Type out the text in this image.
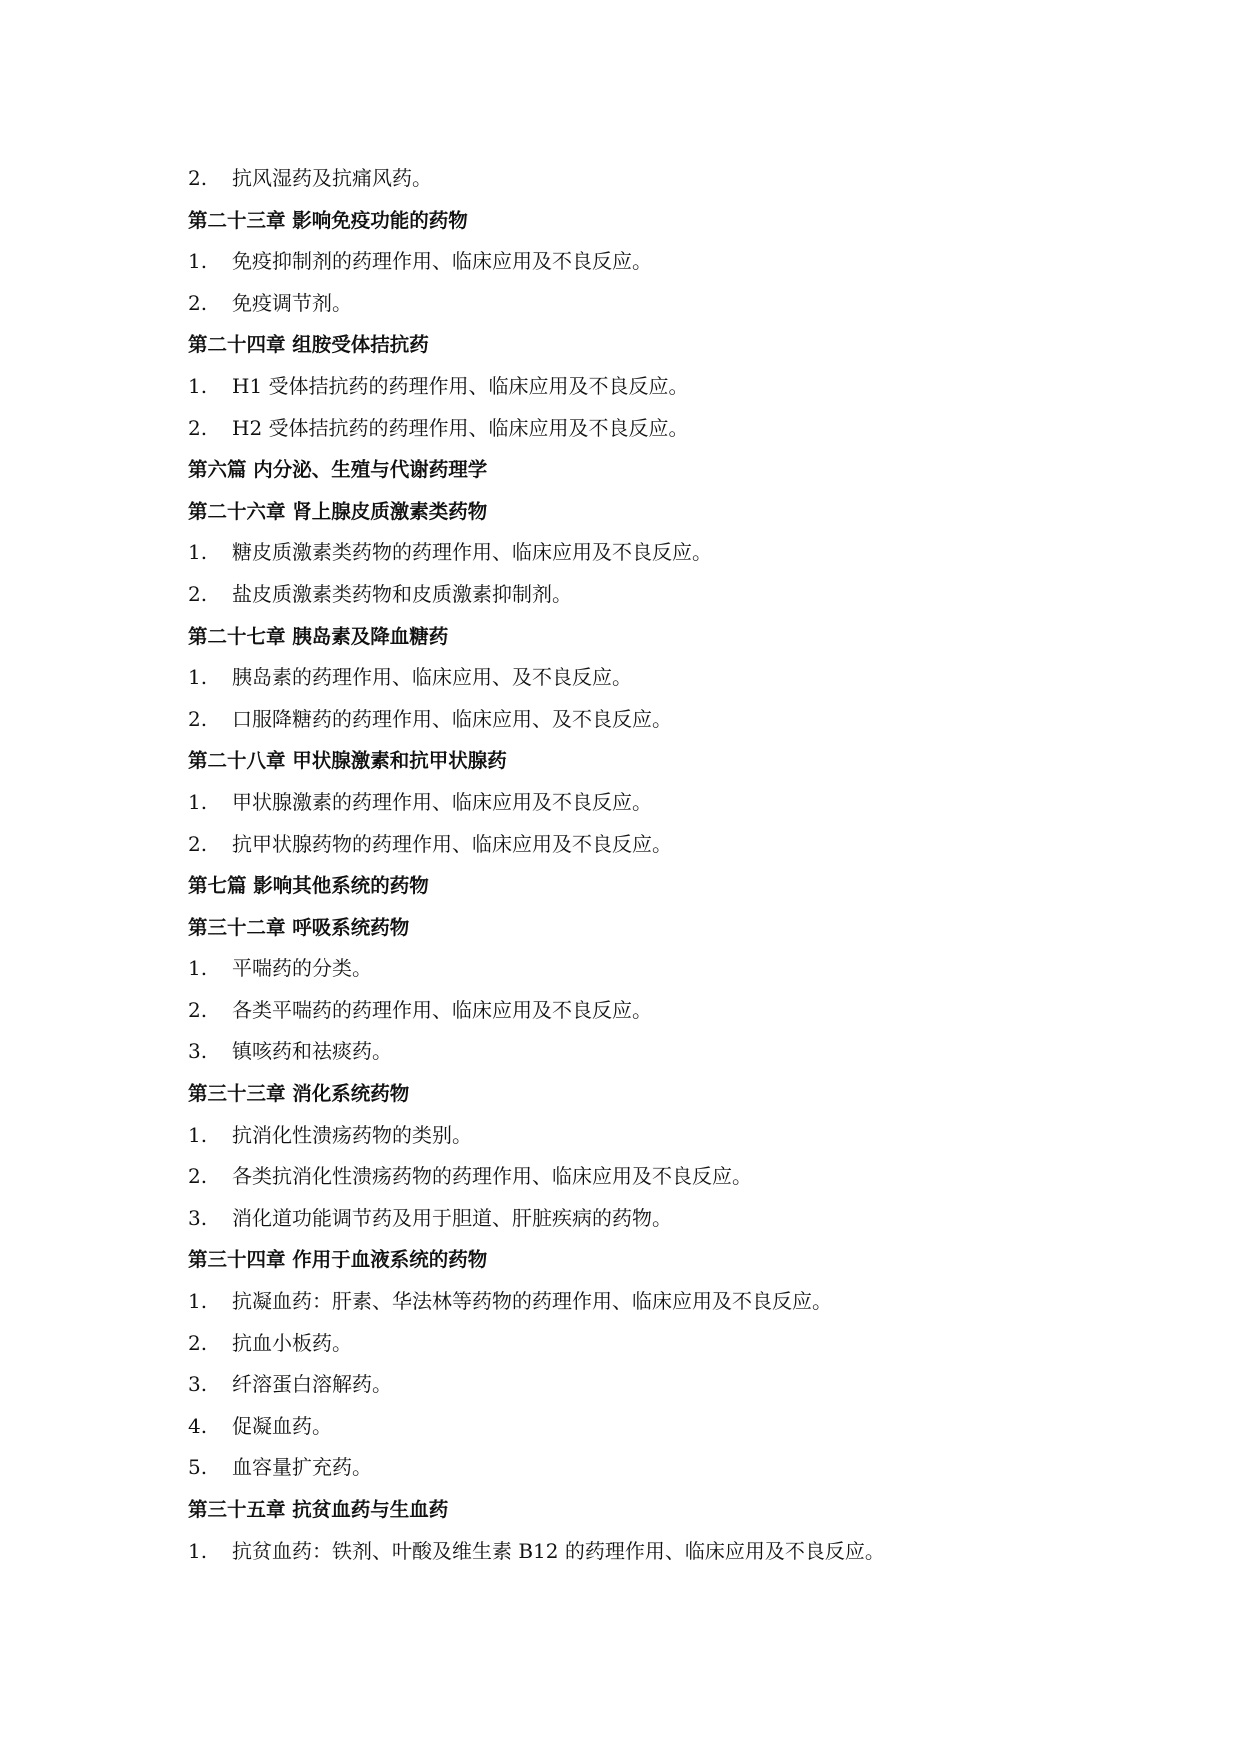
2. 抗风湿药及抗痛风药。
第二十三章 影响免疫功能的药物
1. 免疫抑制剂的药理作用、临床应用及不良反应。
2. 免疫调节剂。
第二十四章 组胺受体拮抗药
1. H1 受体拮抗药的药理作用、临床应用及不良反应。
2. H2 受体拮抗药的药理作用、临床应用及不良反应。
第六篇 内分泌、生殖与代谢药理学
第二十六章 肾上腺皮质激素类药物
1. 糖皮质激素类药物的药理作用、临床应用及不良反应。
2. 盐皮质激素类药物和皮质激素抑制剂。
第二十七章 胰岛素及降血糖药
1. 胰岛素的药理作用、临床应用、及不良反应。
2. 口服降糖药的药理作用、临床应用、及不良反应。
第二十八章 甲状腺激素和抗甲状腺药
1. 甲状腺激素的药理作用、临床应用及不良反应。
2. 抗甲状腺药物的药理作用、临床应用及不良反应。
第七篇 影响其他系统的药物
第三十二章 呼吸系统药物
1. 平喘药的分类。
2. 各类平喘药的药理作用、临床应用及不良反应。
3. 镇咳药和祛痰药。
第三十三章 消化系统药物
1. 抗消化性溃疡药物的类别。
2. 各类抗消化性溃疡药物的药理作用、临床应用及不良反应。
3. 消化道功能调节药及用于胆道、肝脏疾病的药物。
第三十四章 作用于血液系统的药物
1. 抗凝血药：肝素、华法林等药物的药理作用、临床应用及不良反应。
2. 抗血小板药。
3. 纤溶蛋白溶解药。
4. 促凝血药。
5. 血容量扩充药。
第三十五章 抗贫血药与生血药
1. 抗贫血药：铁剂、叶酸及维生素 B12 的药理作用、临床应用及不良反应。
